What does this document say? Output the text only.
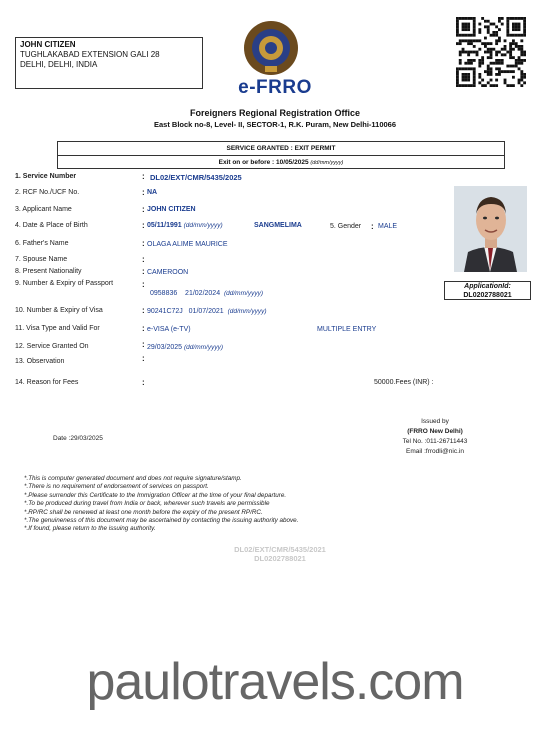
JOHN CITIZEN
TUGHLAKABAD EXTENSION GALI 28
DELHI, DELHI, INDIA
e-FRRO
Foreigners Regional Registration Office
East Block no-8, Level- II, SECTOR-1, R.K. Puram, New Delhi-110066
SERVICE GRANTED : EXIT PERMIT
Exit on or before : 10/05/2025 (dd/mm/yyyy)
1. Service Number	: DL02/EXT/CMR/5435/2025
2. RCF No./UCF No.	: NA
3. Applicant Name	: JOHN CITIZEN
4. Date & Place of Birth	: 05/11/1991 (dd/mm/yyyy)	SANGMELIMA	5. Gender : MALE
6. Father's Name	: OLAGA ALIME MAURICE
7. Spouse Name	:
8. Present Nationality	: CAMEROON
9. Number & Expiry of Passport	:
0958836 21/02/2024 (dd/mm/yyyy)
10. Number & Expiry of Visa	: 90241C72J 01/07/2021 (dd/mm/yyyy)
11. Visa Type and Valid For	: e-VISA (e-TV)	MULTIPLE ENTRY
12. Service Granted On	: 29/03/2025 (dd/mm/yyyy)
13. Observation	:
14. Reason for Fees	:	50000.Fees (INR) :
ApplicationId:
DL0202788021
Date :29/03/2025
Issued by
(FRRO New Delhi)
Tel No. :011-26711443
Email :frrodli@nic.in
*.This is computer generated document and does not require signature/stamp.
*.There is no requirement of endorsement of services on passport.
*.Please surrender this Certificate to the Immigration Officer at the time of your final departure.
*.To be produced during travel from India or back, wherever such travels are permissible
*.RP/RC shall be renewed at least one month before the expiry of the present RP/RC.
*.The genuineness of this document may be ascertained by contacting the issuing authority above.
*.If found, please return to the issuing authority.
DL02/EXT/CMR/5435/2021
DL0202788021
paulotravels.com
